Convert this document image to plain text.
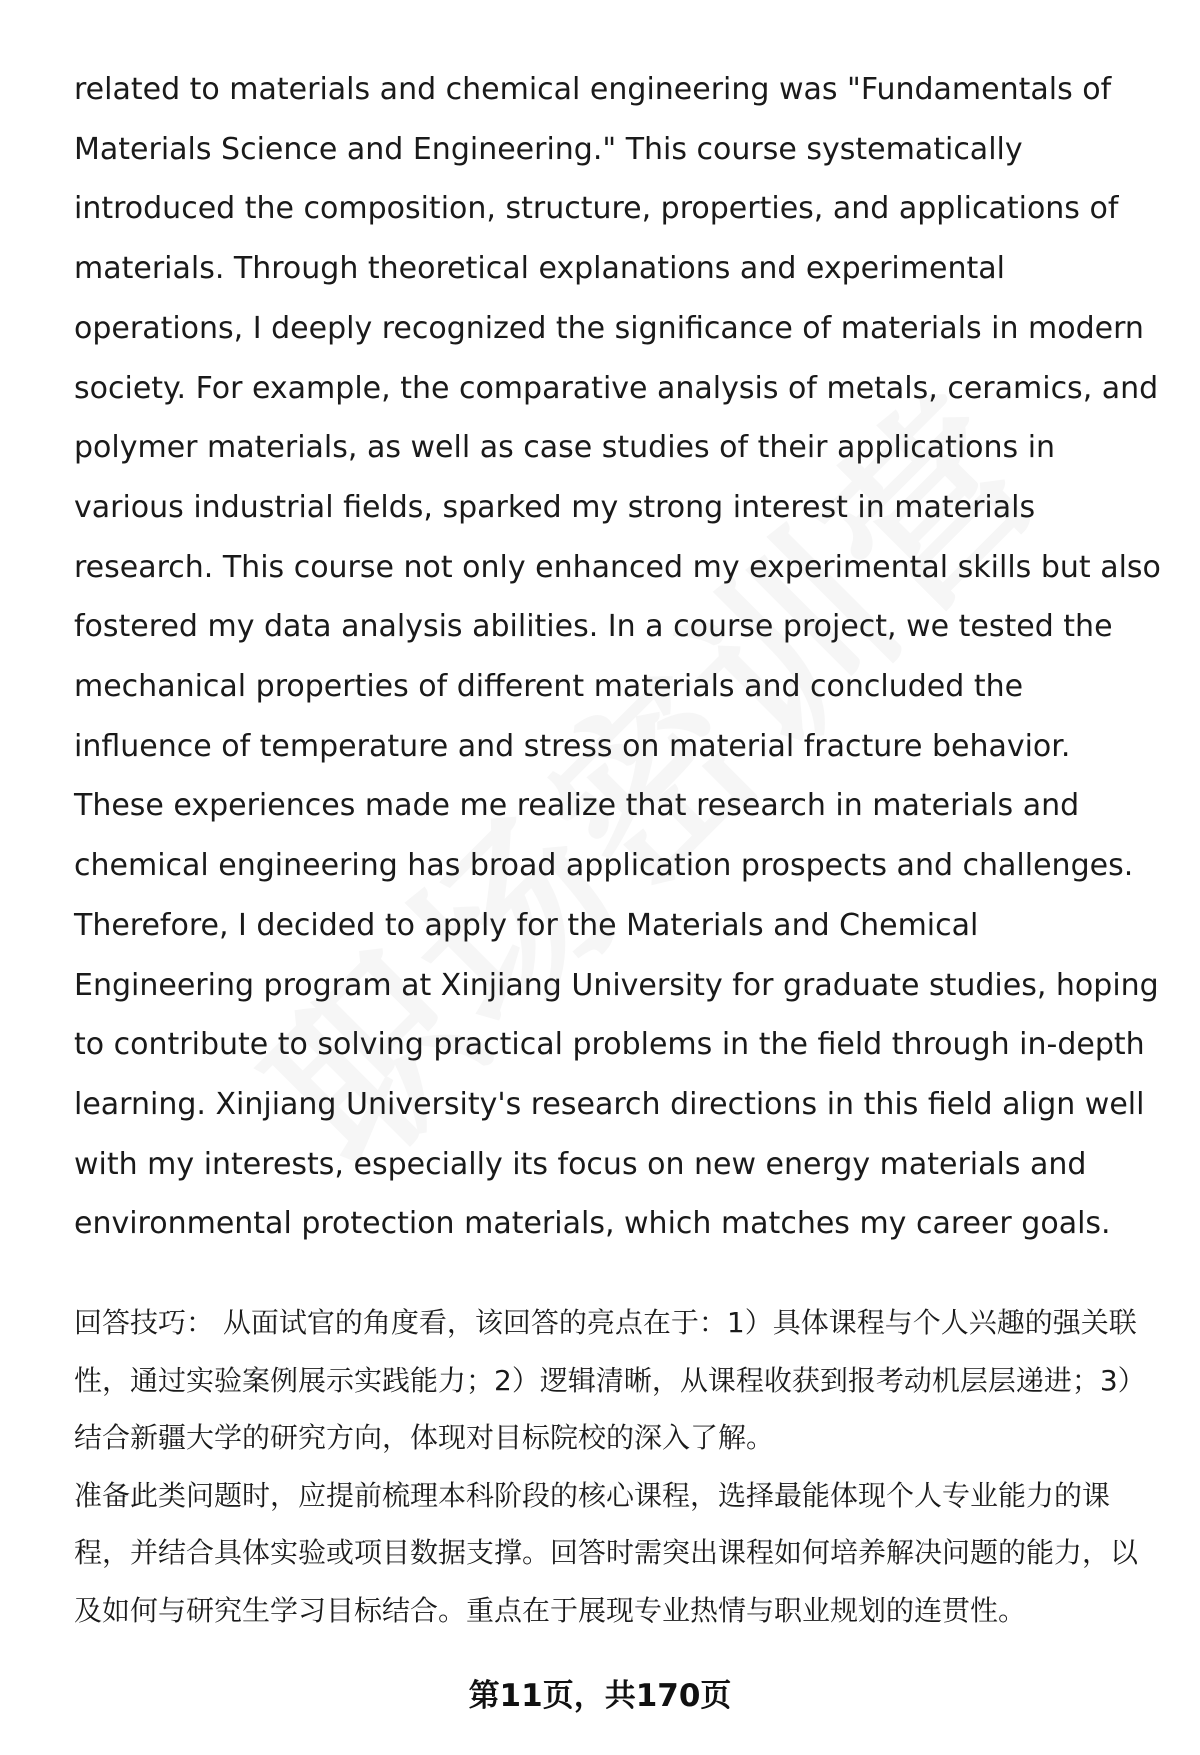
related to materials and chemical engineering was "Fundamentals of Materials Science and Engineering." This course systematically introduced the composition, structure, properties, and applications of materials. Through theoretical explanations and experimental operations, I deeply recognized the significance of materials in modern society. For example, the comparative analysis of metals, ceramics, and polymer materials, as well as case studies of their applications in various industrial fields, sparked my strong interest in materials research. This course not only enhanced my experimental skills but also fostered my data analysis abilities. In a course project, we tested the mechanical properties of different materials and concluded the influence of temperature and stress on material fracture behavior. These experiences made me realize that research in materials and chemical engineering has broad application prospects and challenges. Therefore, I decided to apply for the Materials and Chemical Engineering program at Xinjiang University for graduate studies, hoping to contribute to solving practical problems in the field through in-depth learning. Xinjiang University's research directions in this field align well with my interests, especially its focus on new energy materials and environmental protection materials, which matches my career goals.

回答技巧： 从面试官的角度看，该回答的亮点在于：1）具体课程与个人兴趣的强关联性，通过实验案例展示实践能力；2）逻辑清晰，从课程收获到报考动机层层递进；3）结合新疆大学的研究方向，体现对目标院校的深入了解。

准备此类问题时，应提前梳理本科阶段的核心课程，选择最能体现个人专业能力的课程，并结合具体实验或项目数据支撑。回答时需突出课程如何培养解决问题的能力，以及如何与研究生学习目标结合。重点在于展现专业热情与职业规划的连贯性。

第11页，共170页
